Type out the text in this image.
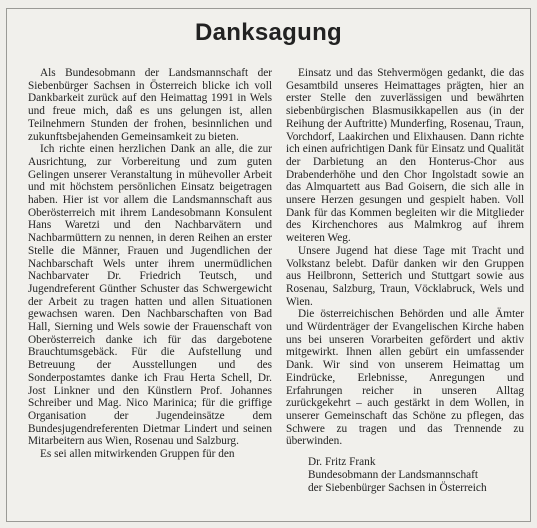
Danksagung

Als Bundesobmann der Landsmannschaft der Siebenbürger Sachsen in Österreich blicke ich voll Dankbarkeit zurück auf den Heimattag 1991 in Wels und freue mich, daß es uns gelungen ist, allen Teilnehmern Stunden der frohen, besinnlichen und zukunftsbejahenden Gemeinsamkeit zu bieten.

Ich richte einen herzlichen Dank an alle, die zur Ausrichtung, zur Vorbereitung und zum guten Gelingen unserer Veranstaltung in mühevoller Arbeit und mit höchstem persönlichen Einsatz beigetragen haben. Hier ist vor allem die Landsmannschaft aus Oberösterreich mit ihrem Landesobmann Konsulent Hans Waretzi und den Nachbarvätern und Nachbarmüttern zu nennen, in deren Reihen an erster Stelle die Männer, Frauen und Jugendlichen der Nachbarschaft Wels unter ihrem unermüdlichen Nachbarvater Dr. Friedrich Teutsch, und Jugendreferent Günther Schuster das Schwergewicht der Arbeit zu tragen hatten und allen Situationen gewachsen waren. Den Nachbarschaften von Bad Hall, Sierning und Wels sowie der Frauenschaft von Oberösterreich danke ich für das dargebotene Brauchtumsgebäck. Für die Aufstellung und Betreuung der Ausstellungen und des Sonderpostamtes danke ich Frau Herta Schell, Dr. Jost Linkner und den Künstlern Prof. Johannes Schreiber und Mag. Nico Marinica; für die griffige Organisation der Jugendeinsätze dem Bundesjugendreferenten Dietmar Lindert und seinen Mitarbeitern aus Wien, Rosenau und Salzburg.

Es sei allen mitwirkenden Gruppen für den

Einsatz und das Stehvermögen gedankt, die das Gesamtbild unseres Heimattages prägten, hier an erster Stelle den zuverlässigen und bewährten siebenbürgischen Blasmusikkapellen aus (in der Reihung der Auftritte) Munderfing, Rosenau, Traun, Vorchdorf, Laakirchen und Elixhausen. Dann richte ich einen aufrichtigen Dank für Einsatz und Qualität der Darbietung an den Honterus-Chor aus Drabenderhöhe und den Chor Ingolstadt sowie an das Almquartett aus Bad Goisern, die sich alle in unsere Herzen gesungen und gespielt haben. Voll Dank für das Kommen begleiten wir die Mitglieder des Kirchenchores aus Malmkrog auf ihrem weiteren Weg.

Unsere Jugend hat diese Tage mit Tracht und Volkstanz belebt. Dafür danken wir den Gruppen aus Heilbronn, Setterich und Stuttgart sowie aus Rosenau, Salzburg, Traun, Vöcklabruck, Wels und Wien.

Die österreichischen Behörden und alle Ämter und Würdenträger der Evangelischen Kirche haben uns bei unseren Vorarbeiten gefördert und aktiv mitgewirkt. Ihnen allen gebürt ein umfassender Dank. Wir sind von unserem Heimattag um Eindrücke, Erlebnisse, Anregungen und Erfahrungen reicher in unseren Alltag zurückgekehrt – auch gestärkt in dem Wollen, in unserer Gemeinschaft das Schöne zu pflegen, das Schwere zu tragen und das Trennende zu überwinden.

Dr. Fritz Frank
Bundesobmann der Landsmannschaft
der Siebenbürger Sachsen in Österreich
